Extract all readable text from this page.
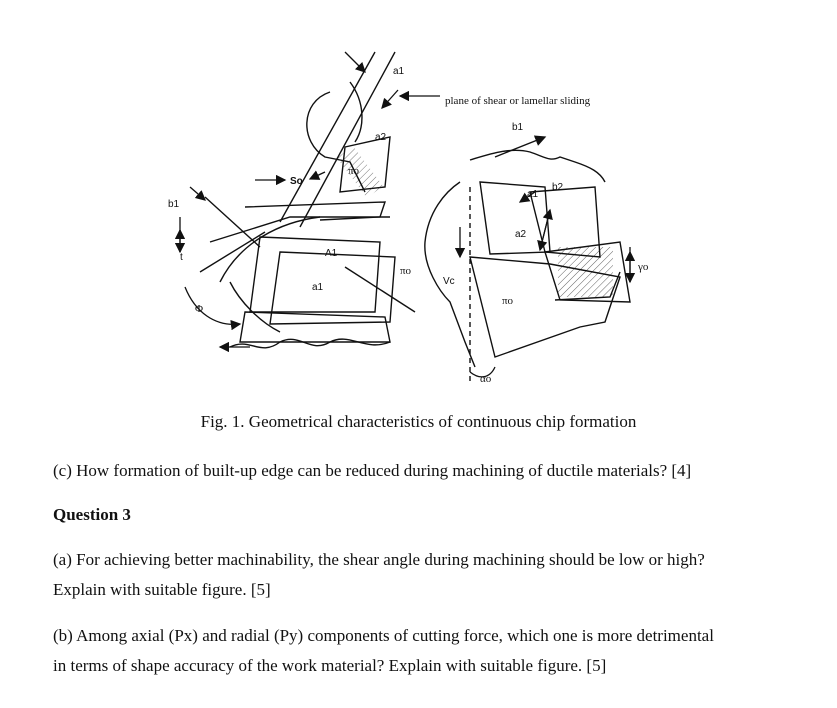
a1
plane of shear or lamellar sliding
b1
a2
πo
So
b1
a1
b2
a2
t	A1
a1
πo
Vc
πo
γo
Φ
αo
Fig. 1. Geometrical characteristics of continuous chip formation
(c) How formation of built-up edge can be reduced during machining of ductile materials? [4]
Question 3
(a) For achieving better machinability, the shear angle during machining should be low or high?
Explain with suitable figure. [5]
(b) Among axial (Px) and radial (Py) components of cutting force, which one is more detrimental
in terms of shape accuracy of the work material? Explain with suitable figure. [5]
